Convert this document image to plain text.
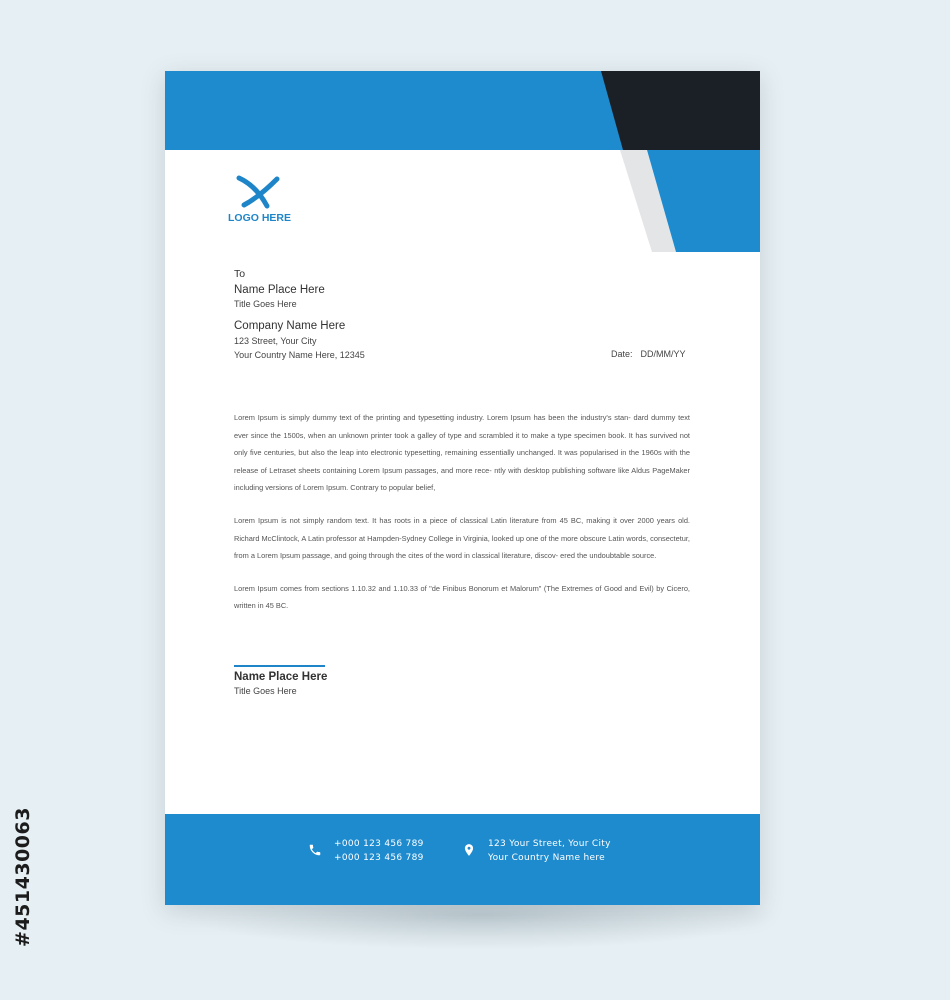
#451430063
LOGO HERE
To
Name Place Here
Title Goes Here
Company Name Here
123 Street, Your City
Your Country Name Here, 12345	Date: DD/MM/YY

Lorem Ipsum is simply dummy text of the printing and typesetting industry. Lorem Ipsum has been the industry's stan- dard dummy text ever since the 1500s, when an unknown printer took a galley of type and scrambled it to make a type specimen book. It has survived not only five centuries, but also the leap into electronic typesetting, remaining essentially unchanged. It was popularised in the 1960s with the release of Letraset sheets containing Lorem Ipsum passages, and more rece- ntly with desktop publishing software like Aldus PageMaker including versions of Lorem Ipsum. Contrary to popular belief,

Lorem Ipsum is not simply random text. It has roots in a piece of classical Latin literature from 45 BC, making it over 2000 years old. Richard McClintock, A Latin professor at Hampden-Sydney College in Virginia, looked up one of the more obscure Latin words, consectetur, from a Lorem Ipsum passage, and going through the cites of the word in classical literature, discov- ered the undoubtable source.

Lorem Ipsum comes from sections 1.10.32 and 1.10.33 of "de Finibus Bonorum et Malorum" (The Extremes of Good and Evil) by Cicero, written in 45 BC.

Name Place Here
Title Goes Here
+000 123 456 789
+000 123 456 789
123 Your Street, Your City
Your Country Name here
